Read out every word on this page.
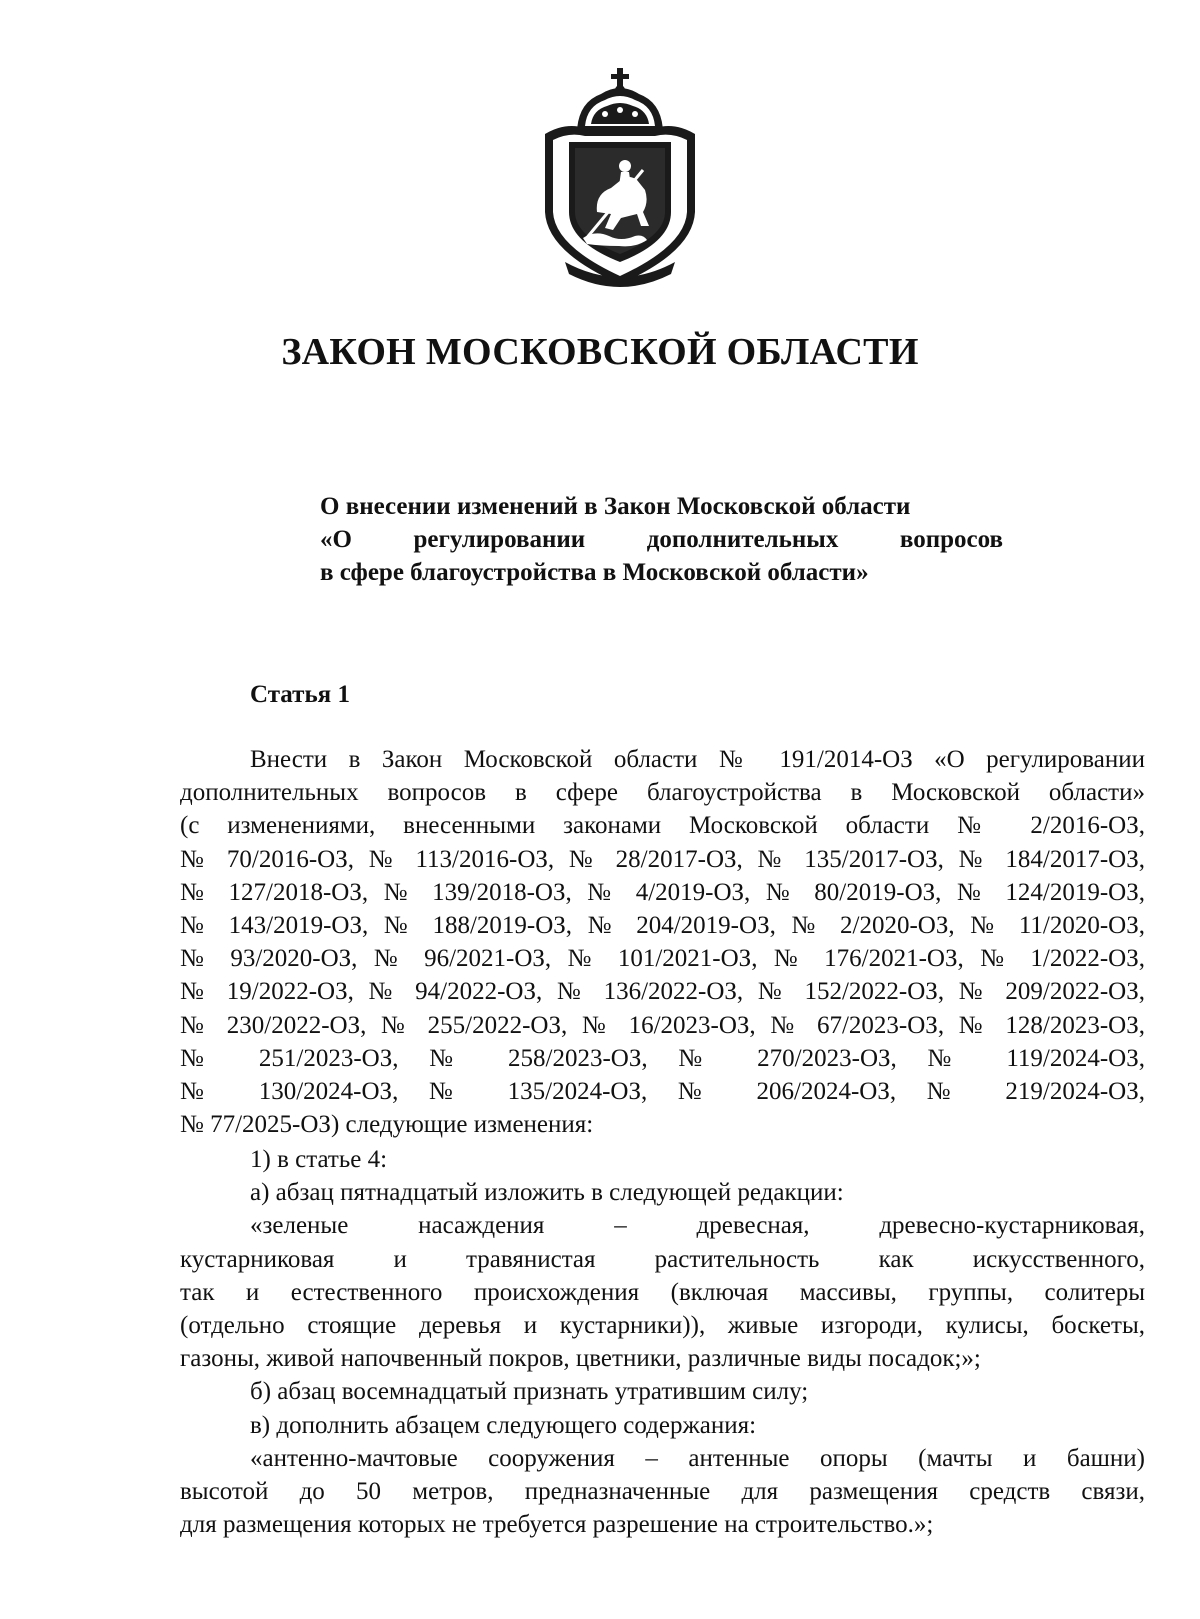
ЗАКОН МОСКОВСКОЙ ОБЛАСТИ
О внесении изменений в Закон Московской области
«О регулировании дополнительных вопросов
в сфере благоустройства в Московской области»
Статья 1
Внести в Закон Московской области № 191/2014-ОЗ «О регулировании
дополнительных вопросов в сфере благоустройства в Московской области»
(с изменениями, внесенными законами Московской области № 2/2016-ОЗ,
№ 70/2016-ОЗ, № 113/2016-ОЗ, № 28/2017-ОЗ, № 135/2017-ОЗ, № 184/2017-ОЗ,
№ 127/2018-ОЗ, № 139/2018-ОЗ, № 4/2019-ОЗ, № 80/2019-ОЗ, № 124/2019-ОЗ,
№ 143/2019-ОЗ, № 188/2019-ОЗ, № 204/2019-ОЗ, № 2/2020-ОЗ, № 11/2020-ОЗ,
№ 93/2020-ОЗ, № 96/2021-ОЗ, № 101/2021-ОЗ, № 176/2021-ОЗ, № 1/2022-ОЗ,
№ 19/2022-ОЗ, № 94/2022-ОЗ, № 136/2022-ОЗ, № 152/2022-ОЗ, № 209/2022-ОЗ,
№ 230/2022-ОЗ, № 255/2022-ОЗ, № 16/2023-ОЗ, № 67/2023-ОЗ, № 128/2023-ОЗ,
№ 251/2023-ОЗ, № 258/2023-ОЗ, № 270/2023-ОЗ, № 119/2024-ОЗ,
№ 130/2024-ОЗ, № 135/2024-ОЗ, № 206/2024-ОЗ, № 219/2024-ОЗ,
№ 77/2025-ОЗ) следующие изменения:
1) в статье 4:
а) абзац пятнадцатый изложить в следующей редакции:
«зеленые насаждения – древесная, древесно-кустарниковая,
кустарниковая и травянистая растительность как искусственного,
так и естественного происхождения (включая массивы, группы, солитеры
(отдельно стоящие деревья и кустарники)), живые изгороди, кулисы, боскеты,
газоны, живой напочвенный покров, цветники, различные виды посадок;»;
б) абзац восемнадцатый признать утратившим силу;
в) дополнить абзацем следующего содержания:
«антенно-мачтовые сооружения – антенные опоры (мачты и башни)
высотой до 50 метров, предназначенные для размещения средств связи,
для размещения которых не требуется разрешение на строительство.»;
